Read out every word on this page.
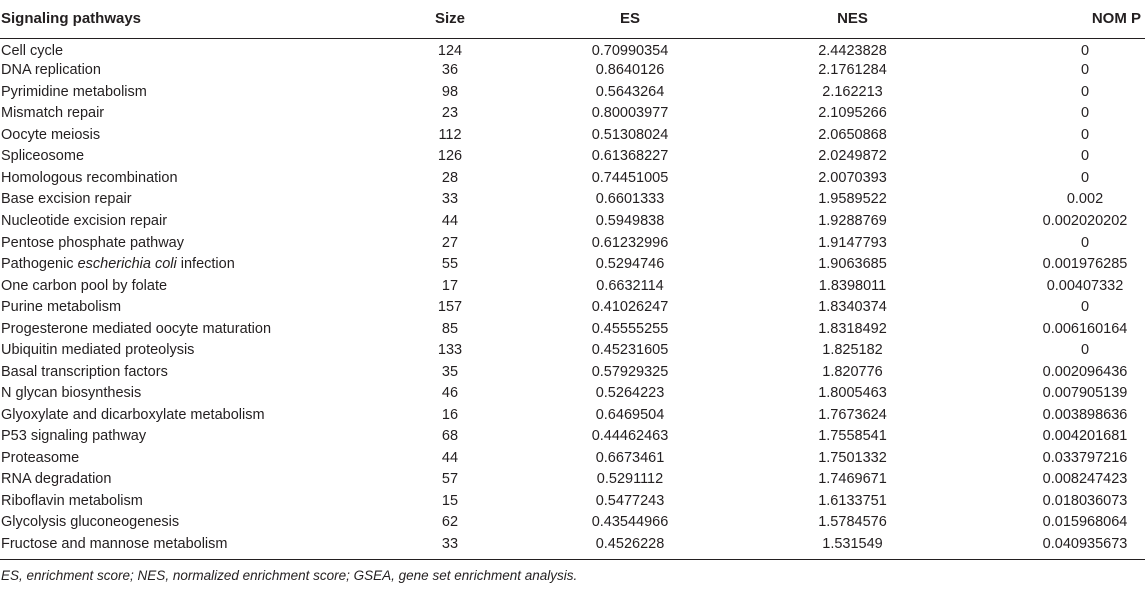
Signaling pathways	Size	ES	NES	NOM P
Cell cycle	124	0.70990354	2.4423828	0
DNA replication	36	0.8640126	2.1761284	0
Pyrimidine metabolism	98	0.5643264	2.162213	0
Mismatch repair	23	0.80003977	2.1095266	0
Oocyte meiosis	112	0.51308024	2.0650868	0
Spliceosome	126	0.61368227	2.0249872	0
Homologous recombination	28	0.74451005	2.0070393	0
Base excision repair	33	0.6601333	1.9589522	0.002
Nucleotide excision repair	44	0.5949838	1.9288769	0.002020202
Pentose phosphate pathway	27	0.61232996	1.9147793	0
Pathogenic escherichia coli infection	55	0.5294746	1.9063685	0.001976285
One carbon pool by folate	17	0.6632114	1.8398011	0.00407332
Purine metabolism	157	0.41026247	1.8340374	0
Progesterone mediated oocyte maturation	85	0.45555255	1.8318492	0.006160164
Ubiquitin mediated proteolysis	133	0.45231605	1.825182	0
Basal transcription factors	35	0.57929325	1.820776	0.002096436
N glycan biosynthesis	46	0.5264223	1.8005463	0.007905139
Glyoxylate and dicarboxylate metabolism	16	0.6469504	1.7673624	0.003898636
P53 signaling pathway	68	0.44462463	1.7558541	0.004201681
Proteasome	44	0.6673461	1.7501332	0.033797216
RNA degradation	57	0.5291112	1.7469671	0.008247423
Riboflavin metabolism	15	0.5477243	1.6133751	0.018036073
Glycolysis gluconeogenesis	62	0.43544966	1.5784576	0.015968064
Fructose and mannose metabolism	33	0.4526228	1.531549	0.040935673
ES, enrichment score; NES, normalized enrichment score; GSEA, gene set enrichment analysis.
